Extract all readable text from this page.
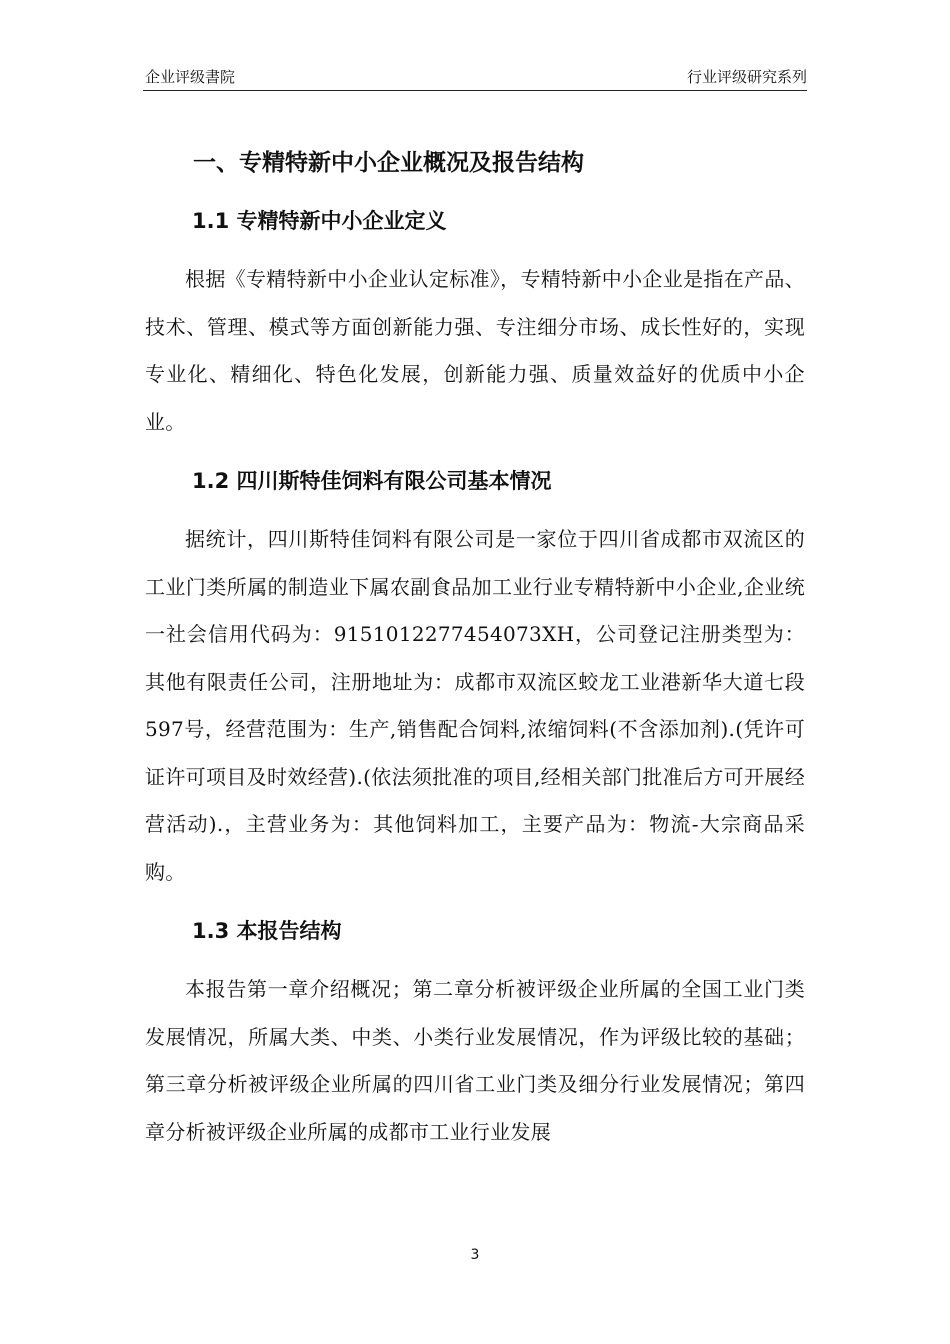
企业评级書院	行业评级研究系列
一、专精特新中小企业概况及报告结构
1.1 专精特新中小企业定义

根据《专精特新中小企业认定标准》，专精特新中小企业是指在产品、技术、管理、模式等方面创新能力强、专注细分市场、成长性好的，实现专业化、精细化、特色化发展，创新能力强、质量效益好的优质中小企业。

1.2 四川斯特佳饲料有限公司基本情况

据统计，四川斯特佳饲料有限公司是一家位于四川省成都市双流区的工业门类所属的制造业下属农副食品加工业行业专精特新中小企业,企业统一社会信用代码为：9151012277454073XH，公司登记注册类型为：其他有限责任公司，注册地址为：成都市双流区蛟龙工业港新华大道七段597号，经营范围为：生产,销售配合饲料,浓缩饲料(不含添加剂).(凭许可证许可项目及时效经营).(依法须批准的项目,经相关部门批准后方可开展经营活动).，主营业务为：其他饲料加工，主要产品为：物流-大宗商品采购。

1.3 本报告结构

本报告第一章介绍概况；第二章分析被评级企业所属的全国工业门类发展情况，所属大类、中类、小类行业发展情况，作为评级比较的基础；第三章分析被评级企业所属的四川省工业门类及细分行业发展情况；第四章分析被评级企业所属的成都市工业行业发展

3
